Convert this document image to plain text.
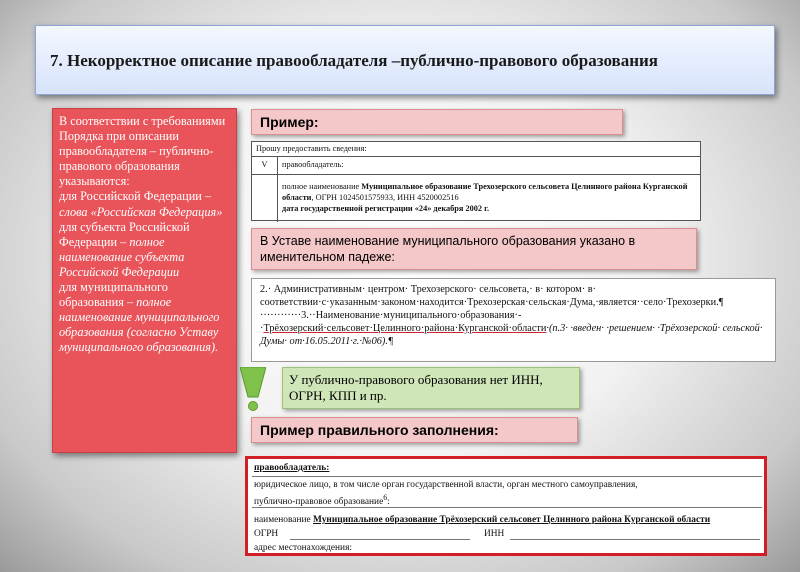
7. Некорректное описание правообладателя –публично-правового образования

В соответствии с требованиями Порядка при описании правообладателя – публично-правового образования указываются:

для Российской Федерации – слова «Российская Федерация»

для субъекта Российской Федерации – полное наименование субъекта Российской Федерации

для муниципального образования – полное наименование муниципального образования (согласно Уставу муниципального образования).

Пример:
Прошу предоставить сведения:
V	правообладатель:
полное наименование Муниципальное образование Трехозерского сельсовета Целинного района Курганской области, ОГРН 1024501575933, ИНН 4520002516
дата государственной регистрации «24» декабря 2002 г.
В Уставе наименование муниципального образования указано в именительном падеже:
2.· Административным· центром· Трехозерского· сельсовета,· в· котором· в· соответствии·с·указанным·законом·находится·Трехозерская·сельская·Дума,·является··село·Трехозерки.¶
············3.··Наименование·муниципального·образования·-·Трёхозерский·сельсовет·Целинного·района·Курганской·области·(п.3· ·введен· ·решением· ·Трёхозерской· сельской· Думы· от·16.05.2011·г.·№06).¶
У публично-правового образования нет ИНН, ОГРН, КПП и пр.
Пример правильного заполнения:
правообладатель:
юридическое лицо, в том числе орган государственной власти, орган местного самоуправления,
публично-правовое образование$^6$:
наименование Муниципальное образование Трёхозерский сельсовет Целинного района Курганской области
ОГРН	ИНН
адрес местонахождения:
